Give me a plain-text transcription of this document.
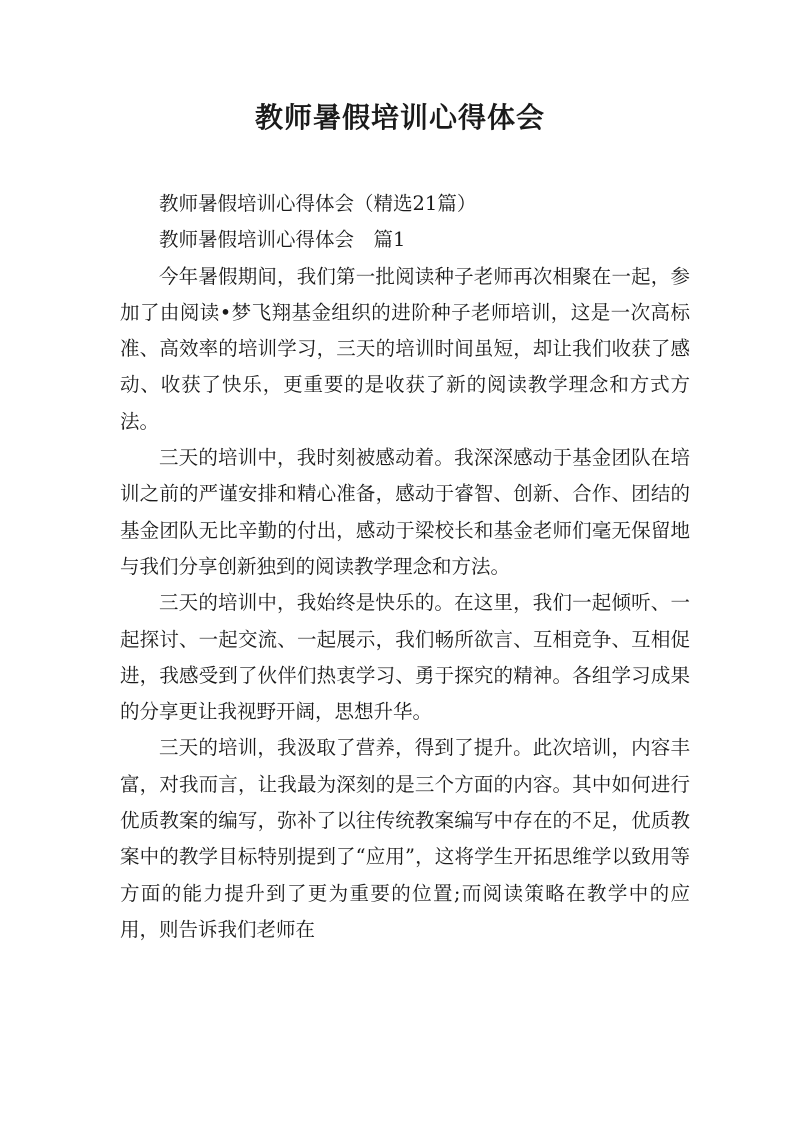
教师暑假培训心得体会

教师暑假培训心得体会（精选21篇）

教师暑假培训心得体会　篇1

今年暑假期间，我们第一批阅读种子老师再次相聚在一起，参加了由阅读•梦飞翔基金组织的进阶种子老师培训，这是一次高标准、高效率的培训学习，三天的培训时间虽短，却让我们收获了感动、收获了快乐，更重要的是收获了新的阅读教学理念和方式方法。

三天的培训中，我时刻被感动着。我深深感动于基金团队在培训之前的严谨安排和精心准备，感动于睿智、创新、合作、团结的基金团队无比辛勤的付出，感动于梁校长和基金老师们毫无保留地与我们分享创新独到的阅读教学理念和方法。

三天的培训中，我始终是快乐的。在这里，我们一起倾听、一起探讨、一起交流、一起展示，我们畅所欲言、互相竞争、互相促进，我感受到了伙伴们热衷学习、勇于探究的精神。各组学习成果的分享更让我视野开阔，思想升华。

三天的培训，我汲取了营养，得到了提升。此次培训，内容丰富，对我而言，让我最为深刻的是三个方面的内容。其中如何进行优质教案的编写，弥补了以往传统教案编写中存在的不足，优质教案中的教学目标特别提到了“应用”，这将学生开拓思维学以致用等方面的能力提升到了更为重要的位置;而阅读策略在教学中的应用，则告诉我们老师在
